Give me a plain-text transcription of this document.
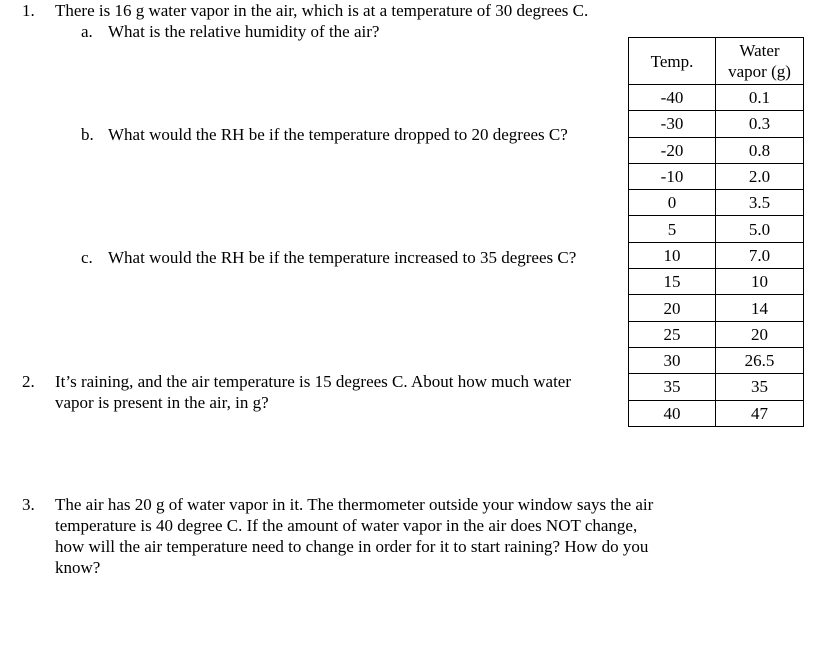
1. There is 16 g water vapor in the air, which is at a temperature of 30 degrees C.
a. What is the relative humidity of the air?
b. What would the RH be if the temperature dropped to 20 degrees C?
c. What would the RH be if the temperature increased to 35 degrees C?
2. It’s raining, and the air temperature is 15 degrees C. About how much water
vapor is present in the air, in g?
3. The air has 20 g of water vapor in it. The thermometer outside your window says the air
temperature is 40 degree C. If the amount of water vapor in the air does NOT change,
how will the air temperature need to change in order for it to start raining? How do you
know?
Temp.	Water
vapor (g)

-40	0.1
-30	0.3
-20	0.8
-10	2.0
0	3.5
5	5.0
10	7.0
15	10
20	14
25	20
30	26.5
35	35
40	47
